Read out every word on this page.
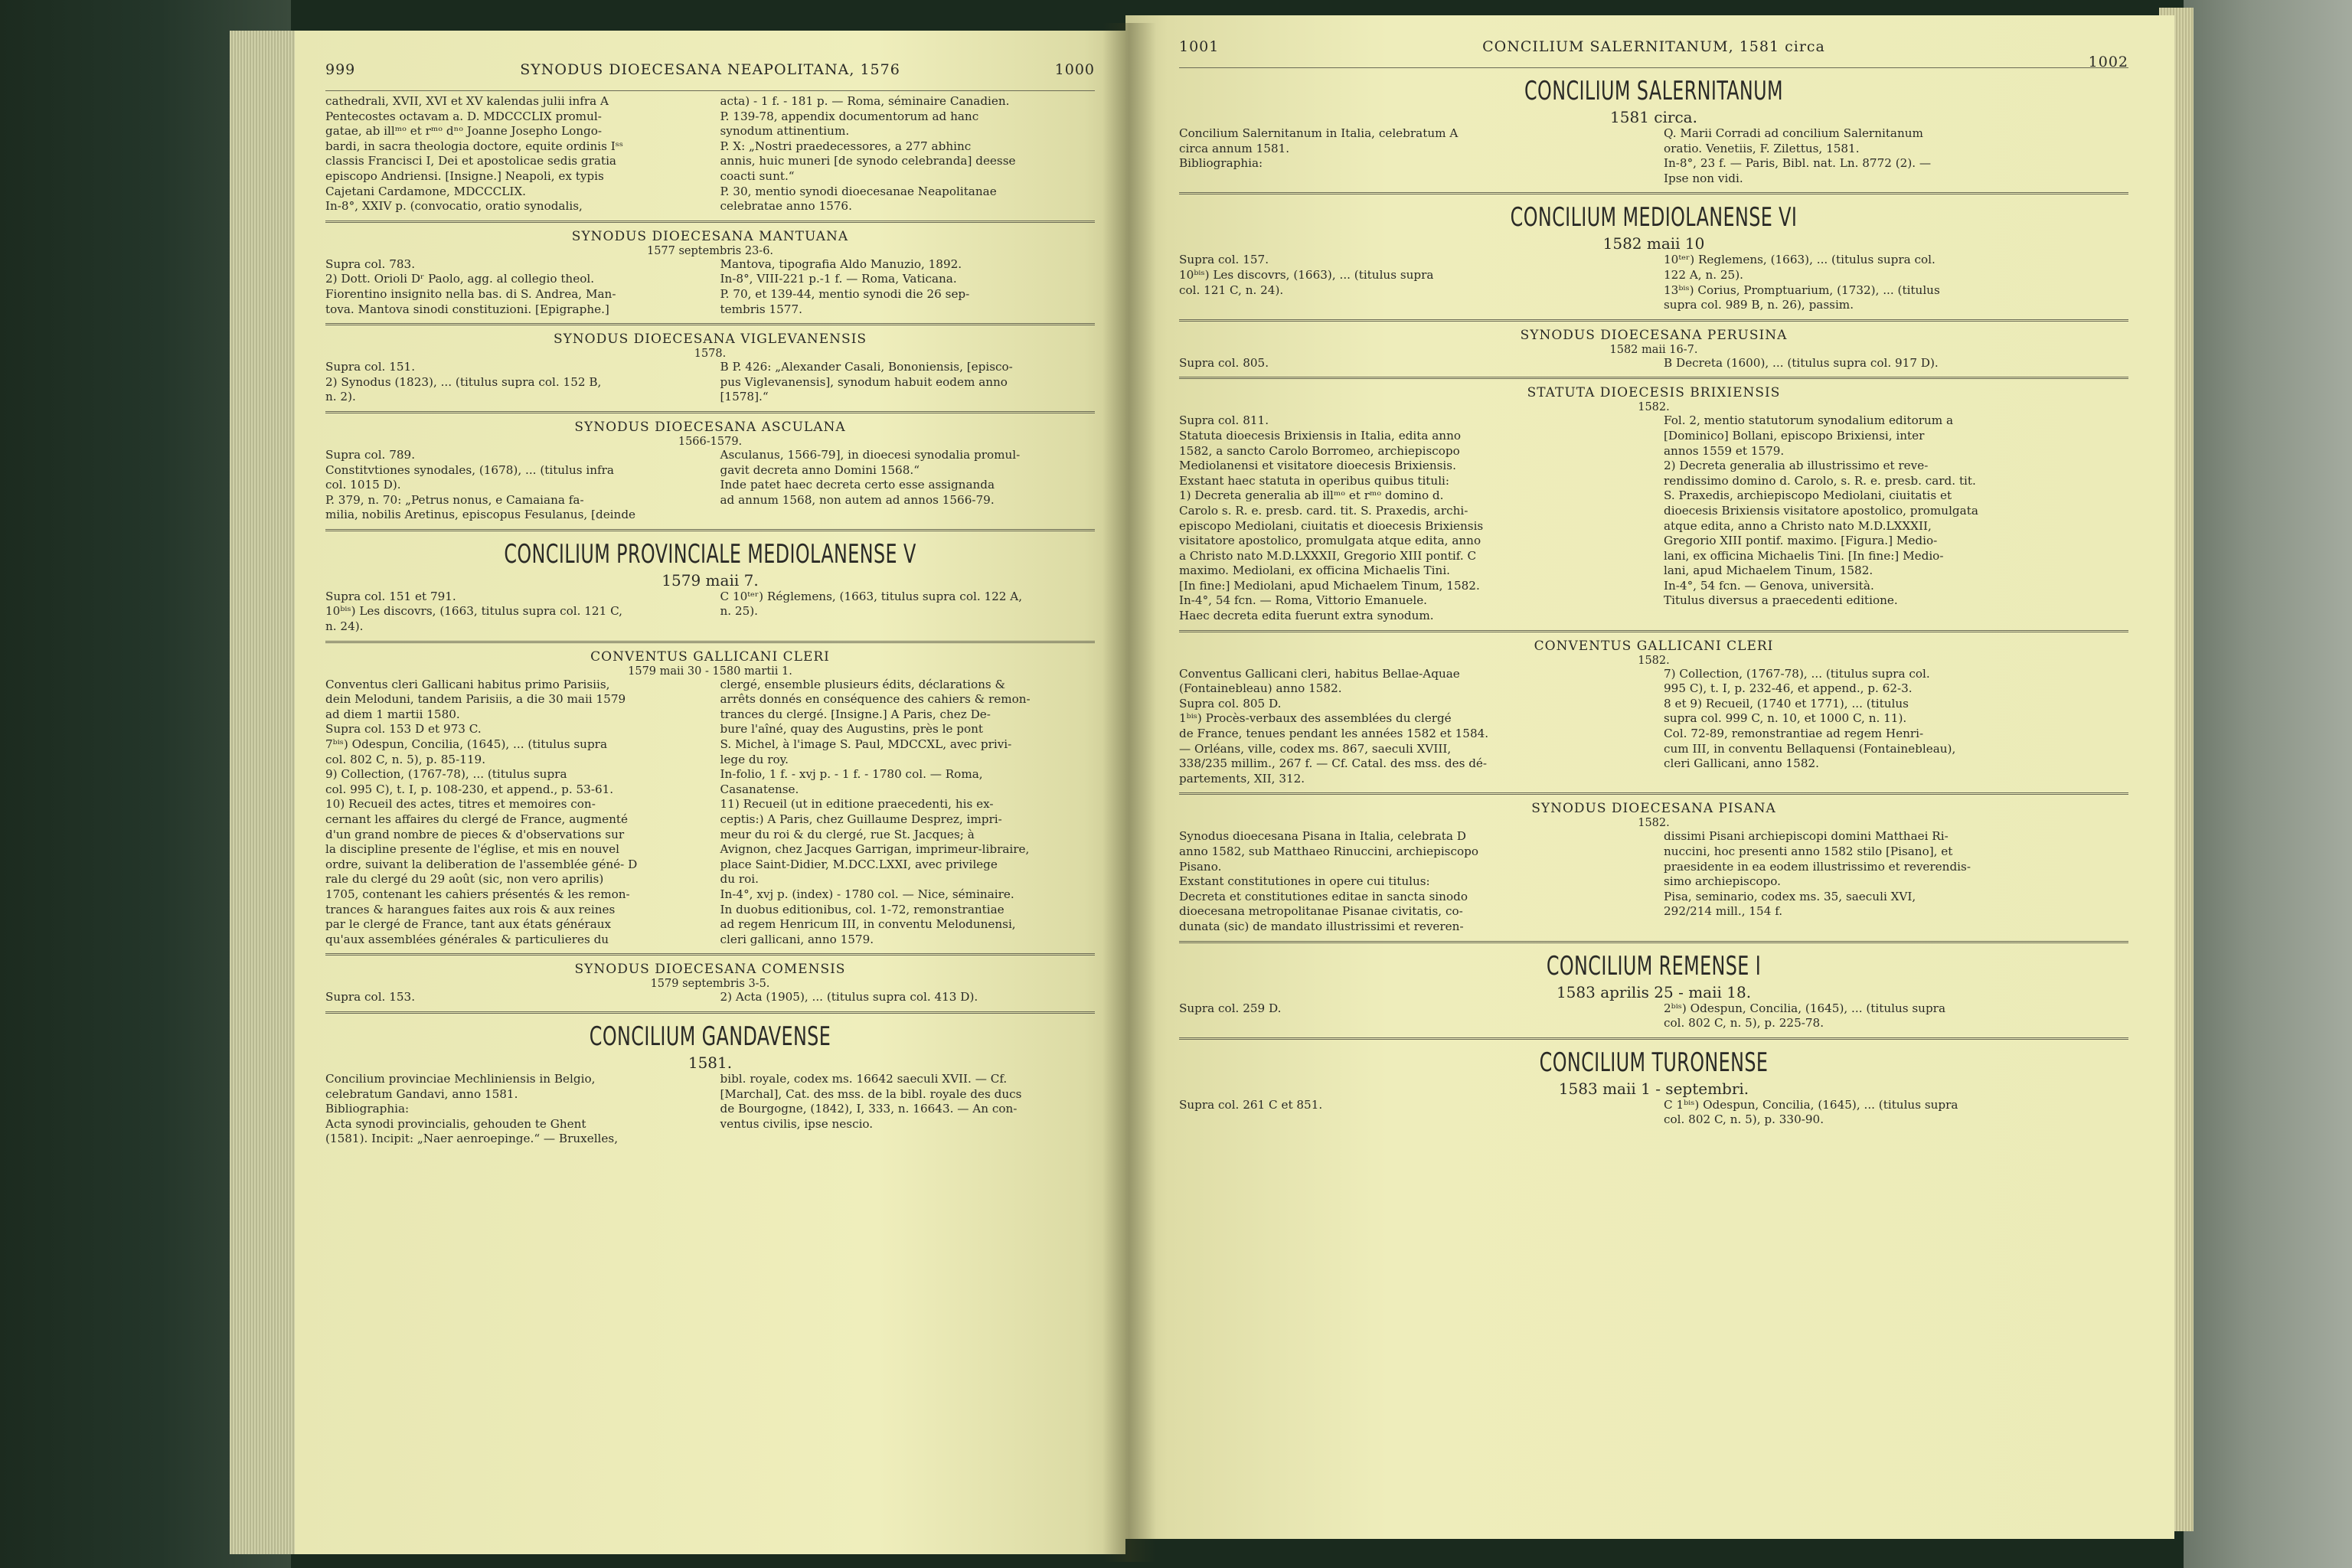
999	SYNODUS DIOECESANA NEAPOLITANA, 1576	1000

cathedrali, XVII, XVI et XV kalendas julii infra A

Pentecostes octavam a. D. MDCCCLIX promul-

gatae, ab illᵐᵒ et rᵐᵒ dⁿᵒ Joanne Josepho Longo-

bardi, in sacra theologia doctore, equite ordinis Iˢˢ

classis Francisci I, Dei et apostolicae sedis gratia

episcopo Andriensi. [Insigne.] Neapoli, ex typis

Cajetani Cardamone, MDCCCLIX.

In-8°, XXIV p. (convocatio, oratio synodalis,

acta) - 1 f. - 181 p. — Roma, séminaire Canadien.

P. 139-78, appendix documentorum ad hanc

synodum attinentium.

P. X: „Nostri praedecessores, a 277 abhinc

annis, huic muneri [de synodo celebranda] deesse

coacti sunt.“

P. 30, mentio synodi dioecesanae Neapolitanae

celebratae anno 1576.

SYNODUS DIOECESANA MANTUANA
1577 septembris 23-6.

Supra col. 783.

2) Dott. Orioli Dʳ Paolo, agg. al collegio theol.

Fiorentino insignito nella bas. di S. Andrea, Man-

tova. Mantova sinodi constituzioni. [Epigraphe.]

Mantova, tipografia Aldo Manuzio, 1892.

In-8°, VIII-221 p.-1 f. — Roma, Vaticana.

P. 70, et 139-44, mentio synodi die 26 sep-

tembris 1577.

SYNODUS DIOECESANA VIGLEVANENSIS
1578.

Supra col. 151.

2) Synodus (1823), ... (titulus supra col. 152 B,

n. 2).

B P. 426: „Alexander Casali, Bononiensis, [episco-

pus Viglevanensis], synodum habuit eodem anno

[1578].“

SYNODUS DIOECESANA ASCULANA
1566-1579.

Supra col. 789.

Constitvtiones synodales, (1678), ... (titulus infra

col. 1015 D).

P. 379, n. 70: „Petrus nonus, e Camaiana fa-

milia, nobilis Aretinus, episcopus Fesulanus, [deinde

Asculanus, 1566-79], in dioecesi synodalia promul-

gavit decreta anno Domini 1568.“

Inde patet haec decreta certo esse assignanda

ad annum 1568, non autem ad annos 1566-79.

CONCILIUM PROVINCIALE MEDIOLANENSE V
1579 maii 7.

Supra col. 151 et 791.

10ᵇⁱˢ) Les discovrs, (1663, titulus supra col. 121 C,

n. 24).

C 10ᵗᵉʳ) Réglemens, (1663, titulus supra col. 122 A,

n. 25).

CONVENTUS GALLICANI CLERI
1579 maii 30 - 1580 martii 1.

Conventus cleri Gallicani habitus primo Parisiis,

dein Meloduni, tandem Parisiis, a die 30 maii 1579

ad diem 1 martii 1580.

Supra col. 153 D et 973 C.

7ᵇⁱˢ) Odespun, Concilia, (1645), ... (titulus supra

col. 802 C, n. 5), p. 85-119.

9) Collection, (1767-78), ... (titulus supra

col. 995 C), t. I, p. 108-230, et append., p. 53-61.

10) Recueil des actes, titres et memoires con-

cernant les affaires du clergé de France, augmenté

d'un grand nombre de pieces & d'observations sur

la discipline presente de l'église, et mis en nouvel

ordre, suivant la deliberation de l'assemblée géné- D

rale du clergé du 29 août (sic, non vero aprilis)

1705, contenant les cahiers présentés & les remon-

trances & harangues faites aux rois & aux reines

par le clergé de France, tant aux états généraux

qu'aux assemblées générales & particulieres du

clergé, ensemble plusieurs édits, déclarations &

arrêts donnés en conséquence des cahiers & remon-

trances du clergé. [Insigne.] A Paris, chez De-

bure l'aîné, quay des Augustins, près le pont

S. Michel, à l'image S. Paul, MDCCXL, avec privi-

lege du roy.

In-folio, 1 f. - xvj p. - 1 f. - 1780 col. — Roma,

Casanatense.

11) Recueil (ut in editione praecedenti, his ex-

ceptis:) A Paris, chez Guillaume Desprez, impri-

meur du roi & du clergé, rue St. Jacques; à

Avignon, chez Jacques Garrigan, imprimeur-libraire,

place Saint-Didier, M.DCC.LXXI, avec privilege

du roi.

In-4°, xvj p. (index) - 1780 col. — Nice, séminaire.

In duobus editionibus, col. 1-72, remonstrantiae

ad regem Henricum III, in conventu Melodunensi,

cleri gallicani, anno 1579.

SYNODUS DIOECESANA COMENSIS
1579 septembris 3-5.

Supra col. 153.	2) Acta (1905), ... (titulus supra col. 413 D).

CONCILIUM GANDAVENSE
1581.

Concilium provinciae Mechliniensis in Belgio,

celebratum Gandavi, anno 1581.

Bibliographia:

Acta synodi provincialis, gehouden te Ghent

(1581). Incipit: „Naer aenroepinge.“ — Bruxelles,

bibl. royale, codex ms. 16642 saeculi XVII. — Cf.

[Marchal], Cat. des mss. de la bibl. royale des ducs

de Bourgogne, (1842), I, 333, n. 16643. — An con-

ventus civilis, ipse nescio.

1001	CONCILIUM SALERNITANUM, 1581 circa
1002
CONCILIUM SALERNITANUM
1581 circa.

Concilium Salernitanum in Italia, celebratum A

circa annum 1581.

Bibliographia:

Q. Marii Corradi ad concilium Salernitanum

oratio. Venetiis, F. Zilettus, 1581.

In-8°, 23 f. — Paris, Bibl. nat. Ln. 8772 (2). —

Ipse non vidi.

CONCILIUM MEDIOLANENSE VI
1582 maii 10

Supra col. 157.

10ᵇⁱˢ) Les discovrs, (1663), ... (titulus supra

col. 121 C, n. 24).

10ᵗᵉʳ) Reglemens, (1663), ... (titulus supra col.

122 A, n. 25).

13ᵇⁱˢ) Corius, Promptuarium, (1732), ... (titulus

supra col. 989 B, n. 26), passim.

SYNODUS DIOECESANA PERUSINA
1582 maii 16-7.

Supra col. 805.	B Decreta (1600), ... (titulus supra col. 917 D).

STATUTA DIOECESIS BRIXIENSIS
1582.

Supra col. 811.

Statuta dioecesis Brixiensis in Italia, edita anno

1582, a sancto Carolo Borromeo, archiepiscopo

Mediolanensi et visitatore dioecesis Brixiensis.

Exstant haec statuta in operibus quibus tituli:

1) Decreta generalia ab illᵐᵒ et rᵐᵒ domino d.

Carolo s. R. e. presb. card. tit. S. Praxedis, archi-

episcopo Mediolani, ciuitatis et dioecesis Brixiensis

visitatore apostolico, promulgata atque edita, anno

a Christo nato M.D.LXXXII, Gregorio XIII pontif. C

maximo. Mediolani, ex officina Michaelis Tini.

[In fine:] Mediolani, apud Michaelem Tinum, 1582.

In-4°, 54 fcn. — Roma, Vittorio Emanuele.

Haec decreta edita fuerunt extra synodum.

Fol. 2, mentio statutorum synodalium editorum a

[Dominico] Bollani, episcopo Brixiensi, inter

annos 1559 et 1579.

2) Decreta generalia ab illustrissimo et reve-

rendissimo domino d. Carolo, s. R. e. presb. card. tit.

S. Praxedis, archiepiscopo Mediolani, ciuitatis et

dioecesis Brixiensis visitatore apostolico, promulgata

atque edita, anno a Christo nato M.D.LXXXII,

Gregorio XIII pontif. maximo. [Figura.] Medio-

lani, ex officina Michaelis Tini. [In fine:] Medio-

lani, apud Michaelem Tinum, 1582.

In-4°, 54 fcn. — Genova, università.

Titulus diversus a praecedenti editione.

CONVENTUS GALLICANI CLERI
1582.

Conventus Gallicani cleri, habitus Bellae-Aquae

(Fontainebleau) anno 1582.

Supra col. 805 D.

1ᵇⁱˢ) Procès-verbaux des assemblées du clergé

de France, tenues pendant les années 1582 et 1584.

— Orléans, ville, codex ms. 867, saeculi XVIII,

338/235 millim., 267 f. — Cf. Catal. des mss. des dé-

partements, XII, 312.

7) Collection, (1767-78), ... (titulus supra col.

995 C), t. I, p. 232-46, et append., p. 62-3.

8 et 9) Recueil, (1740 et 1771), ... (titulus

supra col. 999 C, n. 10, et 1000 C, n. 11).

Col. 72-89, remonstrantiae ad regem Henri-

cum III, in conventu Bellaquensi (Fontainebleau),

cleri Gallicani, anno 1582.

SYNODUS DIOECESANA PISANA
1582.

Synodus dioecesana Pisana in Italia, celebrata D

anno 1582, sub Matthaeo Rinuccini, archiepiscopo

Pisano.

Exstant constitutiones in opere cui titulus:

Decreta et constitutiones editae in sancta sinodo

dioecesana metropolitanae Pisanae civitatis, co-

dunata (sic) de mandato illustrissimi et reveren-

dissimi Pisani archiepiscopi domini Matthaei Ri-

nuccini, hoc presenti anno 1582 stilo [Pisano], et

praesidente in ea eodem illustrissimo et reverendis-

simo archiepiscopo.

Pisa, seminario, codex ms. 35, saeculi XVI,

292/214 mill., 154 f.

CONCILIUM REMENSE I
1583 aprilis 25 - maii 18.

Supra col. 259 D.	2ᵇⁱˢ) Odespun, Concilia, (1645), ... (titulus supra

col. 802 C, n. 5), p. 225-78.

CONCILIUM TURONENSE
1583 maii 1 - septembri.

Supra col. 261 C et 851.	C 1ᵇⁱˢ) Odespun, Concilia, (1645), ... (titulus supra

col. 802 C, n. 5), p. 330-90.
